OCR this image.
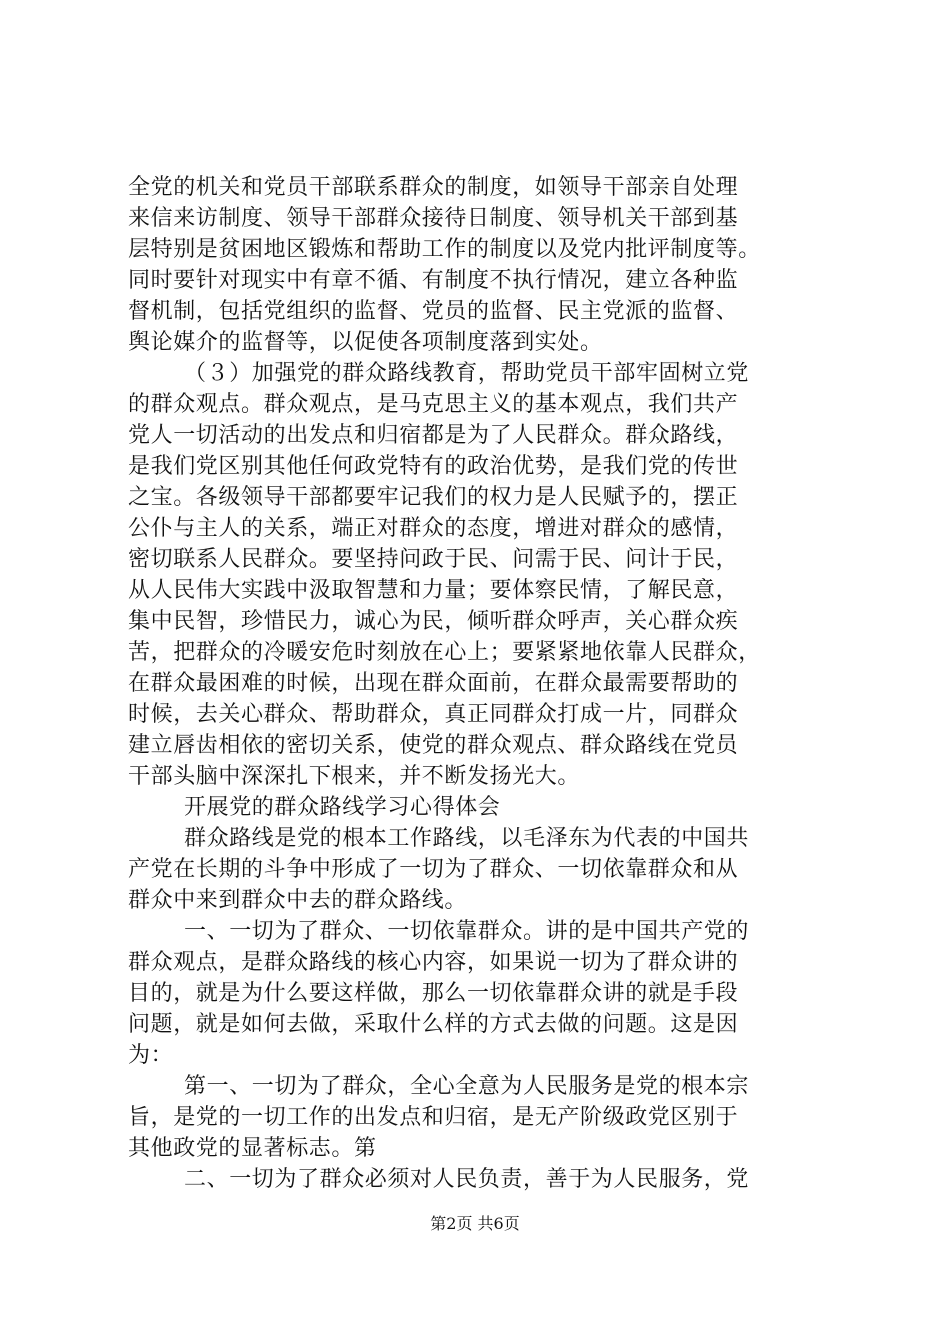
全党的机关和党员干部联系群众的制度，如领导干部亲自处理
来信来访制度、领导干部群众接待日制度、领导机关干部到基
层特别是贫困地区锻炼和帮助工作的制度以及党内批评制度等。
同时要针对现实中有章不循、有制度不执行情况，建立各种监
督机制，包括党组织的监督、党员的监督、民主党派的监督、
舆论媒介的监督等，以促使各项制度落到实处。
（３）加强党的群众路线教育，帮助党员干部牢固树立党
的群众观点。群众观点，是马克思主义的基本观点，我们共产
党人一切活动的出发点和归宿都是为了人民群众。群众路线，
是我们党区别其他任何政党特有的政治优势，是我们党的传世
之宝。各级领导干部都要牢记我们的权力是人民赋予的，摆正
公仆与主人的关系，端正对群众的态度，增进对群众的感情，
密切联系人民群众。要坚持问政于民、问需于民、问计于民，
从人民伟大实践中汲取智慧和力量；要体察民情，了解民意，
集中民智，珍惜民力，诚心为民，倾听群众呼声，关心群众疾
苦，把群众的冷暖安危时刻放在心上；要紧紧地依靠人民群众，
在群众最困难的时候，出现在群众面前，在群众最需要帮助的
时候，去关心群众、帮助群众，真正同群众打成一片，同群众
建立唇齿相依的密切关系，使党的群众观点、群众路线在党员
干部头脑中深深扎下根来，并不断发扬光大。
开展党的群众路线学习心得体会
群众路线是党的根本工作路线，以毛泽东为代表的中国共
产党在长期的斗争中形成了一切为了群众、一切依靠群众和从
群众中来到群众中去的群众路线。
一、一切为了群众、一切依靠群众。讲的是中国共产党的
群众观点，是群众路线的核心内容，如果说一切为了群众讲的
目的，就是为什么要这样做，那么一切依靠群众讲的就是手段
问题，就是如何去做，采取什么样的方式去做的问题。这是因
为：
第一、一切为了群众，全心全意为人民服务是党的根本宗
旨，是党的一切工作的出发点和归宿，是无产阶级政党区别于
其他政党的显著标志。第
二、一切为了群众必须对人民负责，善于为人民服务，党
第2页 共6页
